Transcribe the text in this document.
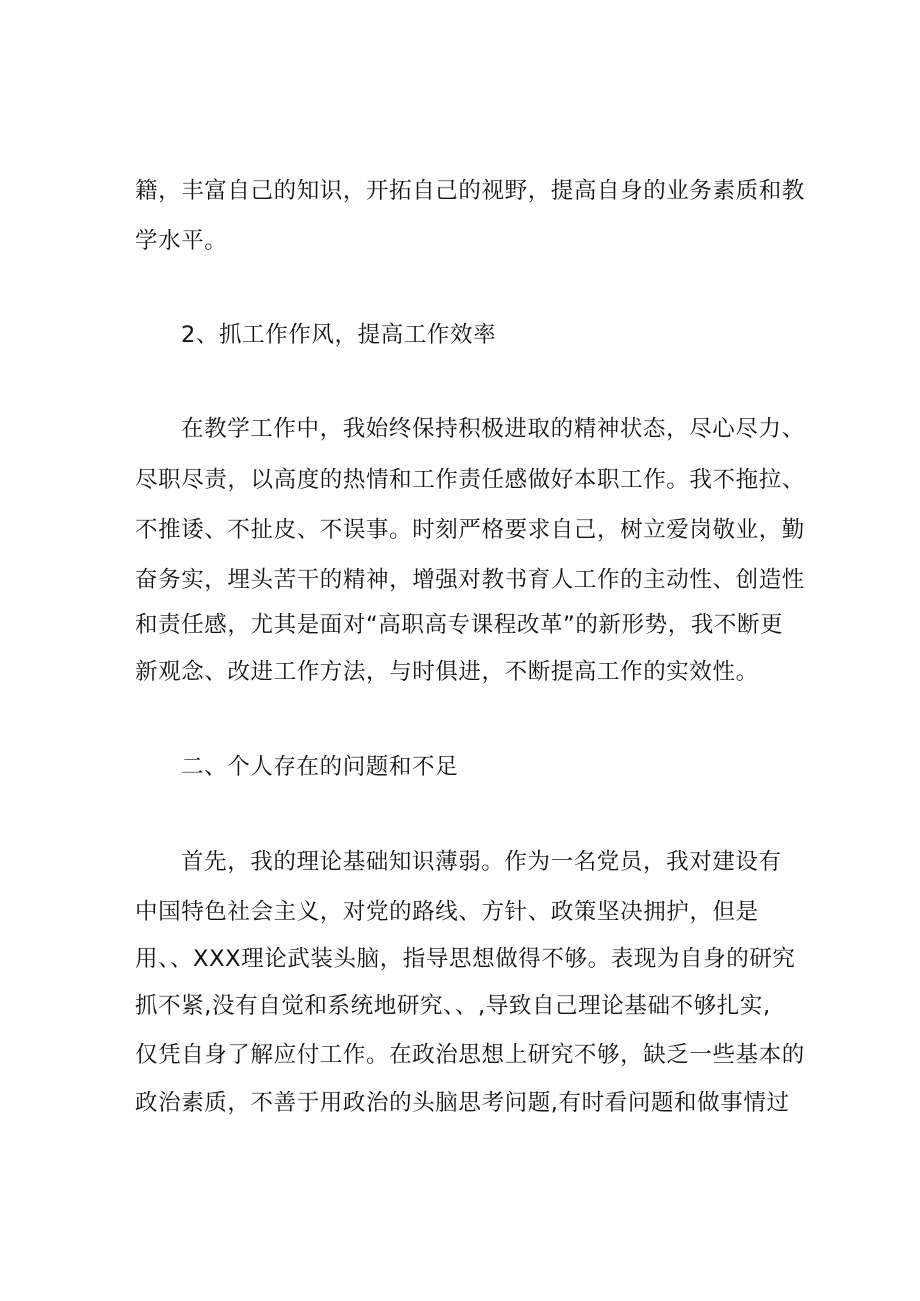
籍，丰富自己的知识，开拓自己的视野，提高自身的业务素质和教
学水平。
2、抓工作作风，提高工作效率
在教学工作中，我始终保持积极进取的精神状态，尽心尽力、
尽职尽责，以高度的热情和工作责任感做好本职工作。我不拖拉、
不推诿、不扯皮、不误事。时刻严格要求自己，树立爱岗敬业，勤
奋务实，埋头苦干的精神，增强对教书育人工作的主动性、创造性
和责任感，尤其是面对“高职高专课程改革”的新形势，我不断更
新观念、改进工作方法，与时俱进，不断提高工作的实效性。
二、个人存在的问题和不足
首先，我的理论基础知识薄弱。作为一名党员，我对建设有
中国特色社会主义，对党的路线、方针、政策坚决拥护，但是
用、、XXX理论武装头脑，指导思想做得不够。表现为自身的研究
抓不紧,没有自觉和系统地研究、、,导致自己理论基础不够扎实,
仅凭自身了解应付工作。在政治思想上研究不够，缺乏一些基本的
政治素质，不善于用政治的头脑思考问题,有时看问题和做事情过
